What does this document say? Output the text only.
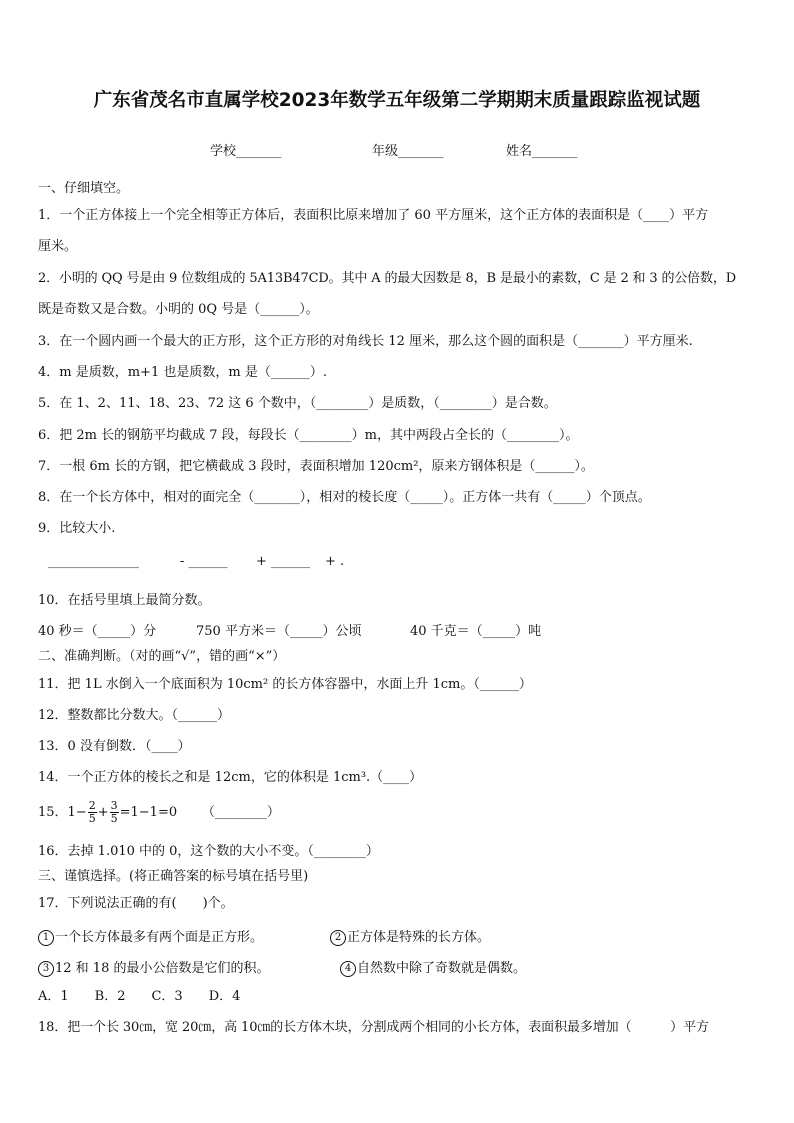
广东省茂名市直属学校2023年数学五年级第二学期期末质量跟踪监视试题
学校_______	年级_______	姓名_______
一、仔细填空。
1．一个正方体接上一个完全相等正方体后，表面积比原来增加了 60 平方厘米，这个正方体的表面积是（____）平方
厘米。
2．小明的 QQ 号是由 9 位数组成的 5A13B47CD。其中 A 的最大因数是 8，B 是最小的素数，C 是 2 和 3 的公倍数，D
既是奇数又是合数。小明的 0Q 号是（______）。
3．在一个圆内画一个最大的正方形，这个正方形的对角线长 12 厘米，那么这个圆的面积是（_______）平方厘米.
4．m 是质数，m+1 也是质数，m 是（______）.
5．在 1、2、11、18、23、72 这 6 个数中，（________）是质数，（________）是合数。
6．把 2m 长的钢筋平均截成 7 段，每段长（________）m，其中两段占全长的（________）。
7．一根 6m 长的方钢，把它横截成 3 段时，表面积增加 120cm²，原来方钢体积是（______）。
8．在一个长方体中，相对的面完全（_______），相对的棱长度（_____）。正方体一共有（_____）个顶点。
9．比较大小.
______________	- ______ + ______ + .
10．在括号里填上最简分数。
40 秒＝（_____）分	750 平方米＝（_____）公顷	40 千克＝（_____）吨
二、准确判断。（对的画“√”，错的画“×”）
11．把 1L 水倒入一个底面积为 10cm² 的长方体容器中，水面上升 1cm。（______）
12．整数都比分数大。（______）
13．0 没有倒数．（____）
14．一个正方体的棱长之和是 12cm，它的体积是 1cm³.（____）
15．$1- \frac{2}{5} + \frac{3}{5} =1-1=0$      （________）
16．去掉 1.010 中的 0，这个数的大小不变。（________）
三、谨慎选择。(将正确答案的标号填在括号里)
17．下列说法正确的有(　　)个。
1 一个长方体最多有两个面是正方形。	2 正方体是特殊的长方体。
3 12 和 18 的最小公倍数是它们的积。	4 自然数中除了奇数就是偶数。
A．1　　B．2　　C．3　　D．4
18．把一个长 30㎝，宽 20㎝，高 10㎝的长方体木块，分割成两个相同的小长方体，表面积最多增加（　　　）平方
